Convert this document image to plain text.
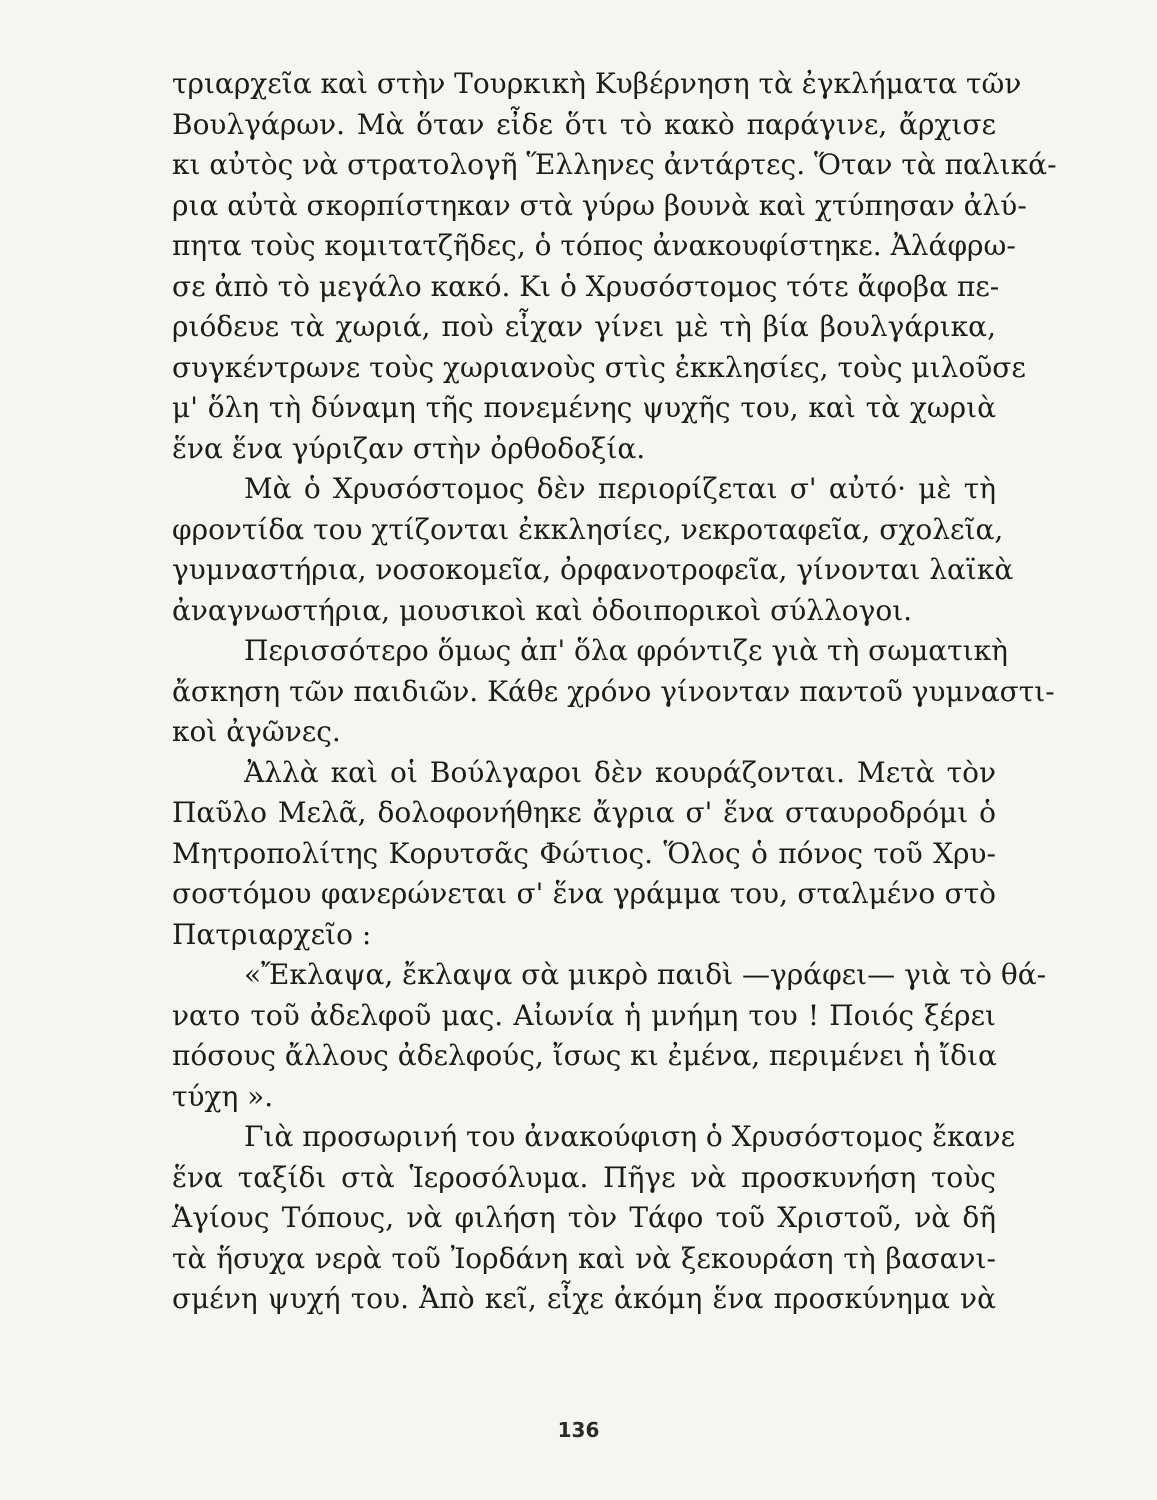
τριαρχεῖα καὶ στὴν Τουρκικὴ Κυβέρνηση τὰ ἐγκλήματα τῶν
Βουλγάρων. Μὰ ὅταν εἶδε ὅτι τὸ κακὸ παράγινε, ἄρχισε
κι αὐτὸς νὰ στρατολογῆ Ἕλληνες ἀντάρτες. Ὅταν τὰ παλικά-
ρια αὐτὰ σκορπίστηκαν στὰ γύρω βουνὰ καὶ χτύπησαν ἀλύ-
πητα τοὺς κομιτατζῆδες, ὁ τόπος ἀνακουφίστηκε. Ἀλάφρω-
σε ἀπὸ τὸ μεγάλο κακό. Κι ὁ Χρυσόστομος τότε ἄφοβα πε-
ριόδευε τὰ χωριά, ποὺ εἶχαν γίνει μὲ τὴ βία βουλγάρικα,
συγκέντρωνε τοὺς χωριανοὺς στὶς ἐκκλησίες, τοὺς μιλοῦσε
μ' ὅλη τὴ δύναμη τῆς πονεμένης ψυχῆς του, καὶ τὰ χωριὰ
ἕνα ἕνα γύριζαν στὴν ὀρθοδοξία.
Μὰ ὁ Χρυσόστομος δὲν περιορίζεται σ' αὐτό· μὲ τὴ
φροντίδα του χτίζονται ἐκκλησίες, νεκροταφεῖα, σχολεῖα,
γυμναστήρια, νοσοκομεῖα, ὀρφανοτροφεῖα, γίνονται λαϊκὰ
ἀναγνωστήρια, μουσικοὶ καὶ ὁδοιπορικοὶ σύλλογοι.
Περισσότερο ὅμως ἀπ' ὅλα φρόντιζε γιὰ τὴ σωματικὴ
ἄσκηση τῶν παιδιῶν. Κάθε χρόνο γίνονταν παντοῦ γυμναστι-
κοὶ ἀγῶνες.
Ἀλλὰ καὶ οἱ Βούλγαροι δὲν κουράζονται. Μετὰ τὸν
Παῦλο Μελᾶ, δολοφονήθηκε ἄγρια σ' ἕνα σταυροδρόμι ὁ
Μητροπολίτης Κορυτσᾶς Φώτιος. Ὅλος ὁ πόνος τοῦ Χρυ-
σοστόμου φανερώνεται σ' ἕνα γράμμα του, σταλμένο στὸ
Πατριαρχεῖο :
«Ἔκλαψα, ἔκλαψα σὰ μικρὸ παιδὶ —γράφει— γιὰ τὸ θά-
νατο τοῦ ἀδελφοῦ μας. Αἰωνία ἡ μνήμη του ! Ποιός ξέρει
πόσους ἄλλους ἀδελφούς, ἴσως κι ἐμένα, περιμένει ἡ ἴδια
τύχη ».
Γιὰ προσωρινή του ἀνακούφιση ὁ Χρυσόστομος ἔκανε
ἕνα ταξίδι στὰ Ἱεροσόλυμα. Πῆγε νὰ προσκυνήση τοὺς
Ἁγίους Τόπους, νὰ φιλήση τὸν Τάφο τοῦ Χριστοῦ, νὰ δῆ
τὰ ἥσυχα νερὰ τοῦ Ἰορδάνη καὶ νὰ ξεκουράση τὴ βασανι-
σμένη ψυχή του. Ἀπὸ κεῖ, εἶχε ἀκόμη ἕνα προσκύνημα νὰ
136
